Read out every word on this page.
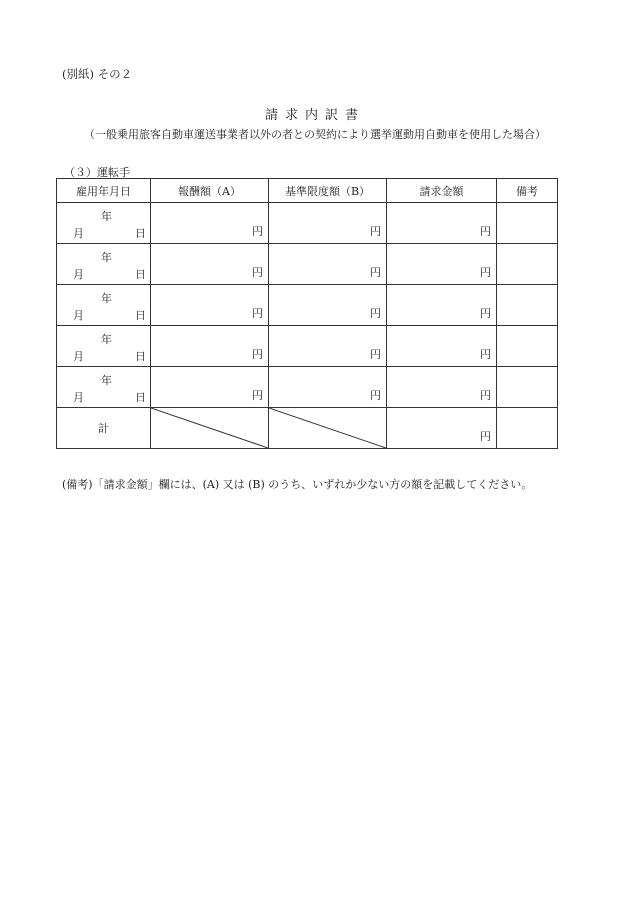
(別紙) その２
請求内訳書
（一般乗用旅客自動車運送事業者以外の者との契約により選挙運動用自動車を使用した場合）
（３）運転手
雇用年月日	報酬額（A）	基準限度額（B）	請求金額	備考

年
月 日	円	円	円	

年
月 日	円	円	円	

年
月 日	円	円	円	

年
月 日	円	円	円	

年
月 日	円	円	円	

計			円	

(備考)「請求金額」欄には、(A) 又は (B) のうち、いずれか少ない方の額を記載してください。
